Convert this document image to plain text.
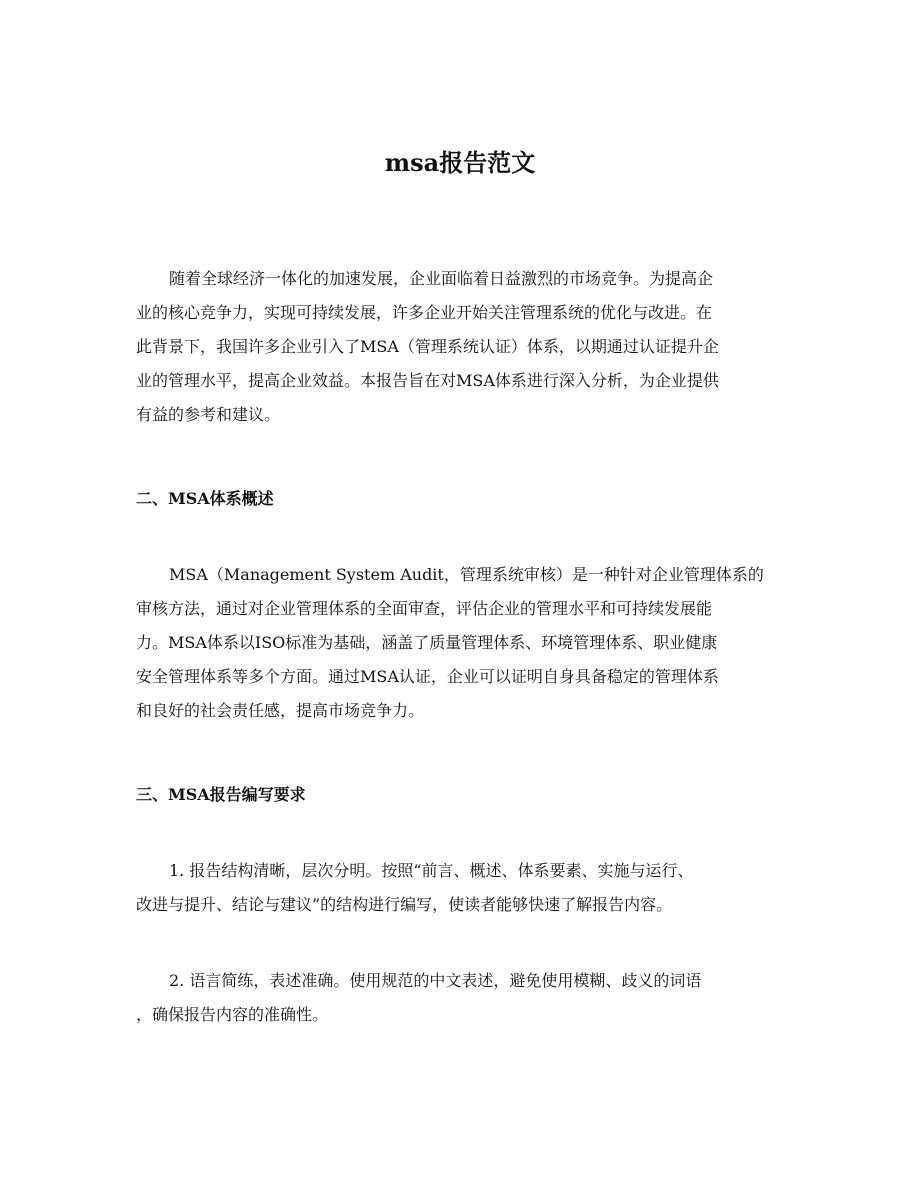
msa报告范文

随着全球经济一体化的加速发展，企业面临着日益激烈的市场竞争。为提高企
业的核心竞争力，实现可持续发展，许多企业开始关注管理系统的优化与改进。在
此背景下，我国许多企业引入了MSA（管理系统认证）体系，以期通过认证提升企
业的管理水平，提高企业效益。本报告旨在对MSA体系进行深入分析，为企业提供
有益的参考和建议。

二、MSA体系概述

MSA（Management System Audit，管理系统审核）是一种针对企业管理体系的
审核方法，通过对企业管理体系的全面审查，评估企业的管理水平和可持续发展能
力。MSA体系以ISO标准为基础，涵盖了质量管理体系、环境管理体系、职业健康
安全管理体系等多个方面。通过MSA认证，企业可以证明自身具备稳定的管理体系
和良好的社会责任感，提高市场竞争力。

三、MSA报告编写要求

1. 报告结构清晰，层次分明。按照“前言、概述、体系要素、实施与运行、
改进与提升、结论与建议”的结构进行编写，使读者能够快速了解报告内容。

2. 语言简练，表述准确。使用规范的中文表述，避免使用模糊、歧义的词语
，确保报告内容的准确性。
